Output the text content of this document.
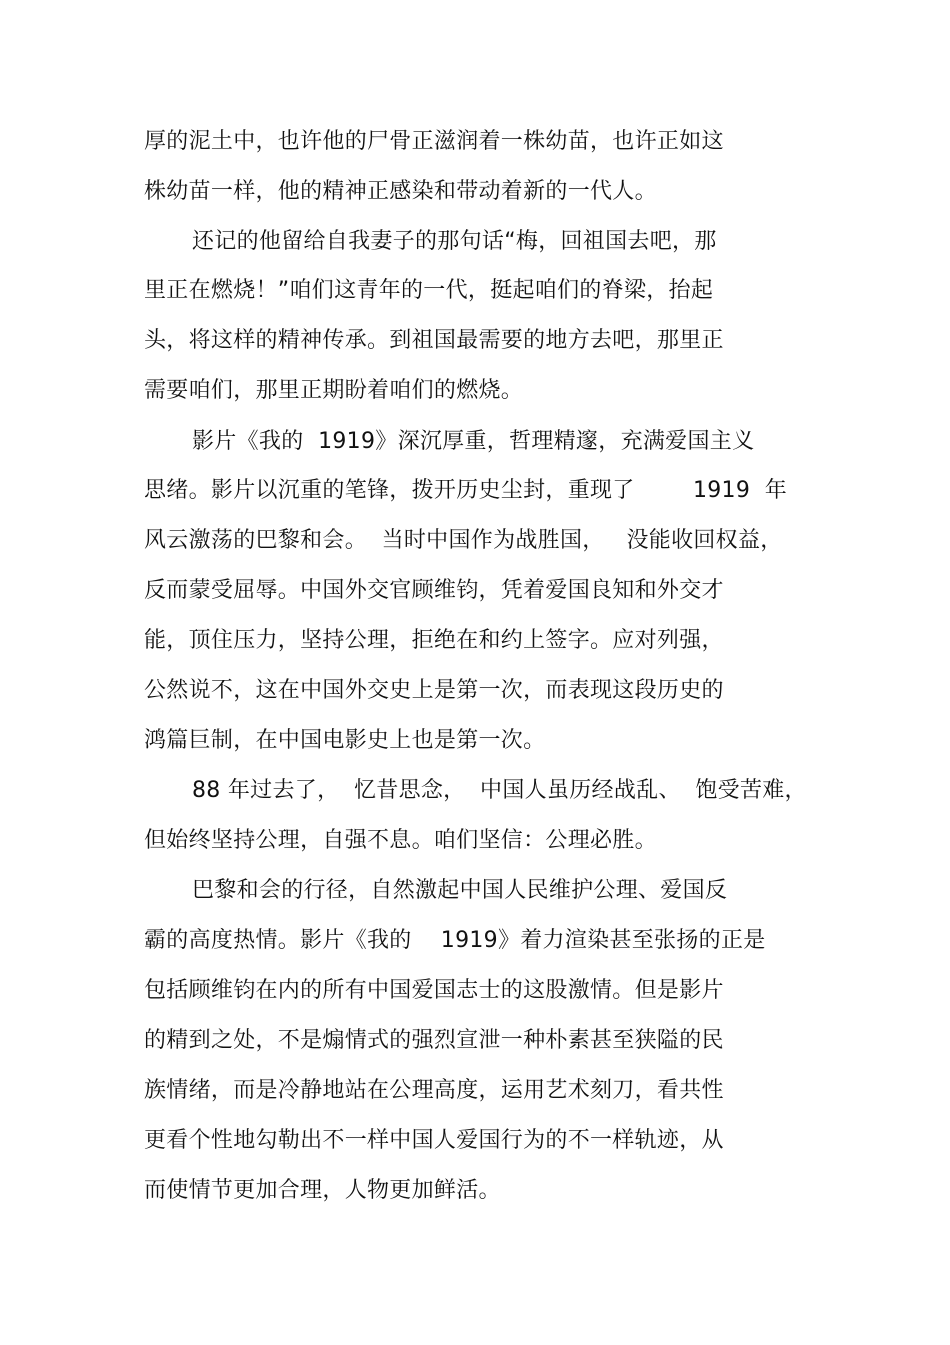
厚的泥土中，也许他的尸骨正滋润着一株幼苗，也许正如这
株幼苗一样，他的精神正感染和带动着新的一代人。
还记的他留给自我妻子的那句话“梅，回祖国去吧，那
里正在燃烧！”咱们这青年的一代，挺起咱们的脊梁，抬起
头，将这样的精神传承。到祖国最需要的地方去吧，那里正
需要咱们，那里正期盼着咱们的燃烧。
影片《我的  1919》深沉厚重，哲理精邃，充满爱国主义
思绪。影片以沉重的笔锋，拨开历史尘封，重现了        1919  年
风云激荡的巴黎和会。  当时中国作为战胜国，   没能收回权益，
反而蒙受屈辱。中国外交官顾维钧，凭着爱国良知和外交才
能，顶住压力，坚持公理，拒绝在和约上签字。应对列强，
公然说不，这在中国外交史上是第一次，而表现这段历史的
鸿篇巨制，在中国电影史上也是第一次。
88 年过去了，  忆昔思念，  中国人虽历经战乱、  饱受苦难，
但始终坚持公理，自强不息。咱们坚信：公理必胜。
巴黎和会的行径，自然激起中国人民维护公理、爱国反
霸的高度热情。影片《我的    1919》着力渲染甚至张扬的正是
包括顾维钧在内的所有中国爱国志士的这股激情。但是影片
的精到之处，不是煽情式的强烈宣泄一种朴素甚至狭隘的民
族情绪，而是冷静地站在公理高度，运用艺术刻刀，看共性
更看个性地勾勒出不一样中国人爱国行为的不一样轨迹，从
而使情节更加合理，人物更加鲜活。
